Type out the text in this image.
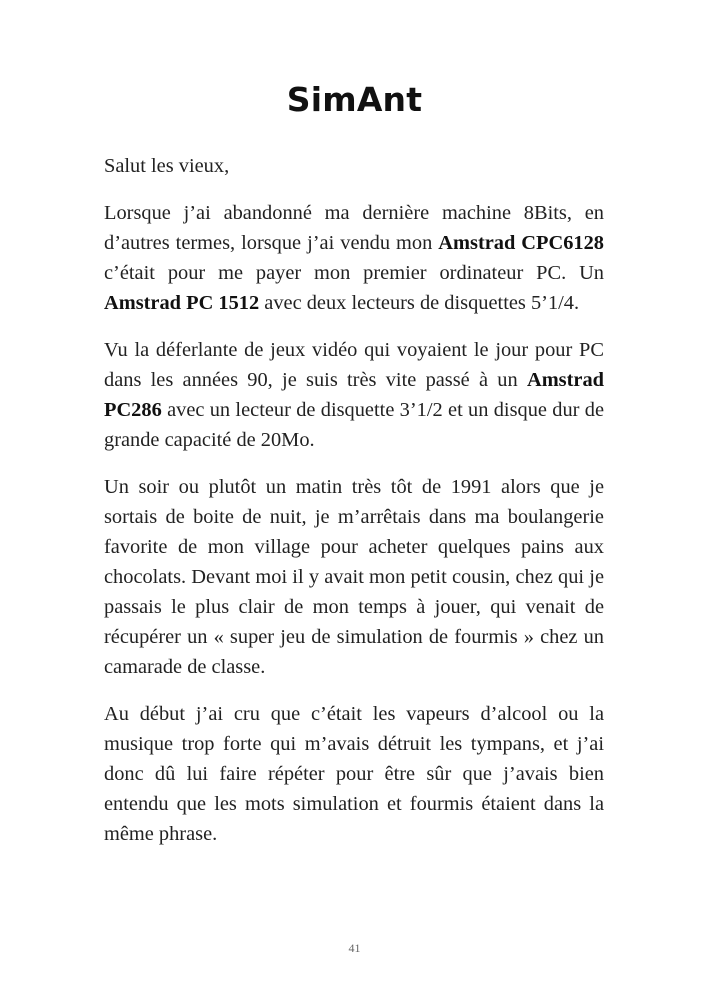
SimAnt

Salut les vieux,

Lorsque j’ai abandonné ma dernière machine 8Bits, en d’autres termes, lorsque j’ai vendu mon Amstrad CPC6128 c’était pour me payer mon premier ordinateur PC. Un Amstrad PC 1512 avec deux lecteurs de disquettes 5’1/4.

Vu la déferlante de jeux vidéo qui voyaient le jour pour PC dans les années 90, je suis très vite passé à un Amstrad PC286 avec un lecteur de disquette 3’1/2 et un disque dur de grande capacité de 20Mo.

Un soir ou plutôt un matin très tôt de 1991 alors que je sortais de boite de nuit, je m’arrêtais dans ma boulangerie favorite de mon village pour acheter quelques pains aux chocolats. Devant moi il y avait mon petit cousin, chez qui je passais le plus clair de mon temps à jouer, qui venait de récupérer un « super jeu de simulation de fourmis » chez un camarade de classe.

Au début j’ai cru que c’était les vapeurs d’alcool ou la musique trop forte qui m’avais détruit les tympans, et j’ai donc dû lui faire répéter pour être sûr que j’avais bien entendu que les mots simulation et fourmis étaient dans la même phrase.

41
